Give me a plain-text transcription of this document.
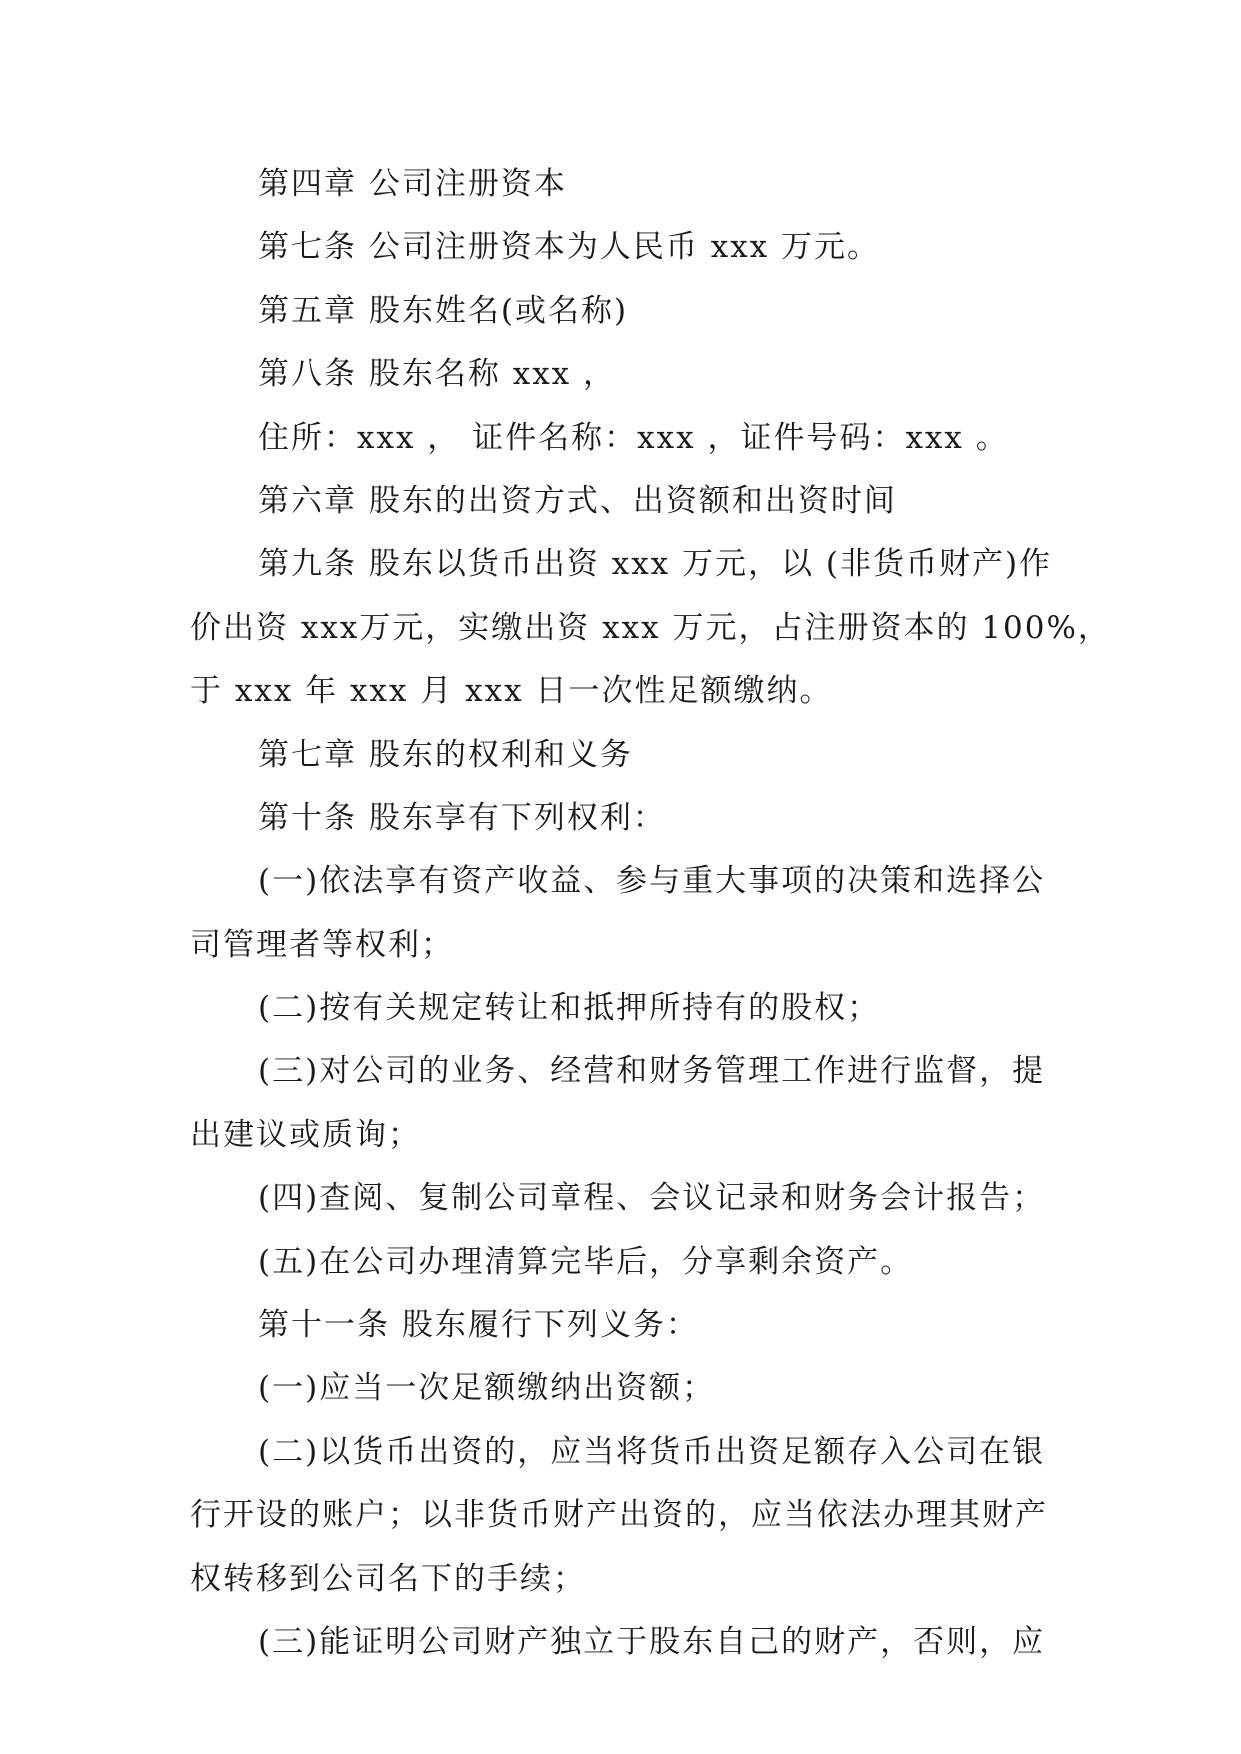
第四章 公司注册资本
第七条 公司注册资本为人民币 xxx 万元。
第五章 股东姓名(或名称)
第八条 股东名称 xxx ，
住所：xxx ， 证件名称：xxx ，证件号码：xxx 。
第六章 股东的出资方式、出资额和出资时间
第九条 股东以货币出资 xxx 万元，以 (非货币财产)作
价出资 xxx万元，实缴出资 xxx 万元，占注册资本的 100%，
于 xxx 年 xxx 月 xxx 日一次性足额缴纳。
第七章 股东的权利和义务
第十条 股东享有下列权利：
(一)依法享有资产收益、参与重大事项的决策和选择公
司管理者等权利；
(二)按有关规定转让和抵押所持有的股权；
(三)对公司的业务、经营和财务管理工作进行监督，提
出建议或质询；
(四)查阅、复制公司章程、会议记录和财务会计报告；
(五)在公司办理清算完毕后，分享剩余资产。
第十一条 股东履行下列义务：
(一)应当一次足额缴纳出资额；
(二)以货币出资的，应当将货币出资足额存入公司在银
行开设的账户；以非货币财产出资的，应当依法办理其财产
权转移到公司名下的手续；
(三)能证明公司财产独立于股东自己的财产，否则，应
